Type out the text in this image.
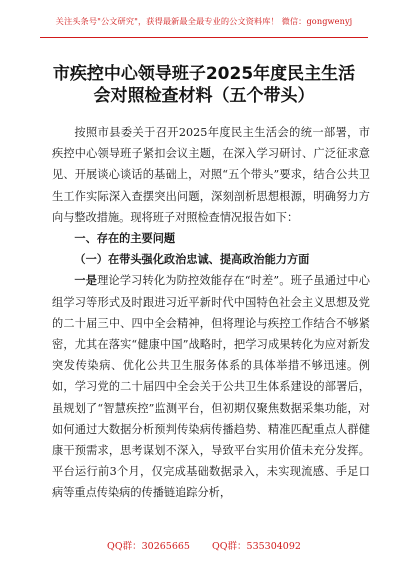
关注头条号"公文研究"，获得最新最全最专业的公文资料库！ 微信：gongwenyj
市疾控中心领导班子2025年度民主生活
会对照检查材料（五个带头）

按照市县委关于召开2025年度民主生活会的统一部署，市疾控中心领导班子紧扣会议主题，在深入学习研讨、广泛征求意见、开展谈心谈话的基础上，对照“五个带头”要求，结合公共卫生工作实际深入查摆突出问题，深刻剖析思想根源，明确努力方向与整改措施。现将班子对照检查情况报告如下：

一、存在的主要问题

（一）在带头强化政治忠诚、提高政治能力方面

一是理论学习转化为防控效能存在“时差”。班子虽通过中心组学习等形式及时跟进习近平新时代中国特色社会主义思想及党的二十届三中、四中全会精神，但将理论与疾控工作结合不够紧密，尤其在落实“健康中国”战略时，把学习成果转化为应对新发突发传染病、优化公共卫生服务体系的具体举措不够迅速。例如，学习党的二十届四中全会关于公共卫生体系建设的部署后，虽规划了“智慧疾控”监测平台，但初期仅聚焦数据采集功能，对如何通过大数据分析预判传染病传播趋势、精准匹配重点人群健康干预需求，思考谋划不深入，导致平台实用价值未充分发挥。平台运行前3个月，仅完成基础数据录入，未实现流感、手足口病等重点传染病的传播链追踪分析，

QQ群：30265665 QQ群：535304092
